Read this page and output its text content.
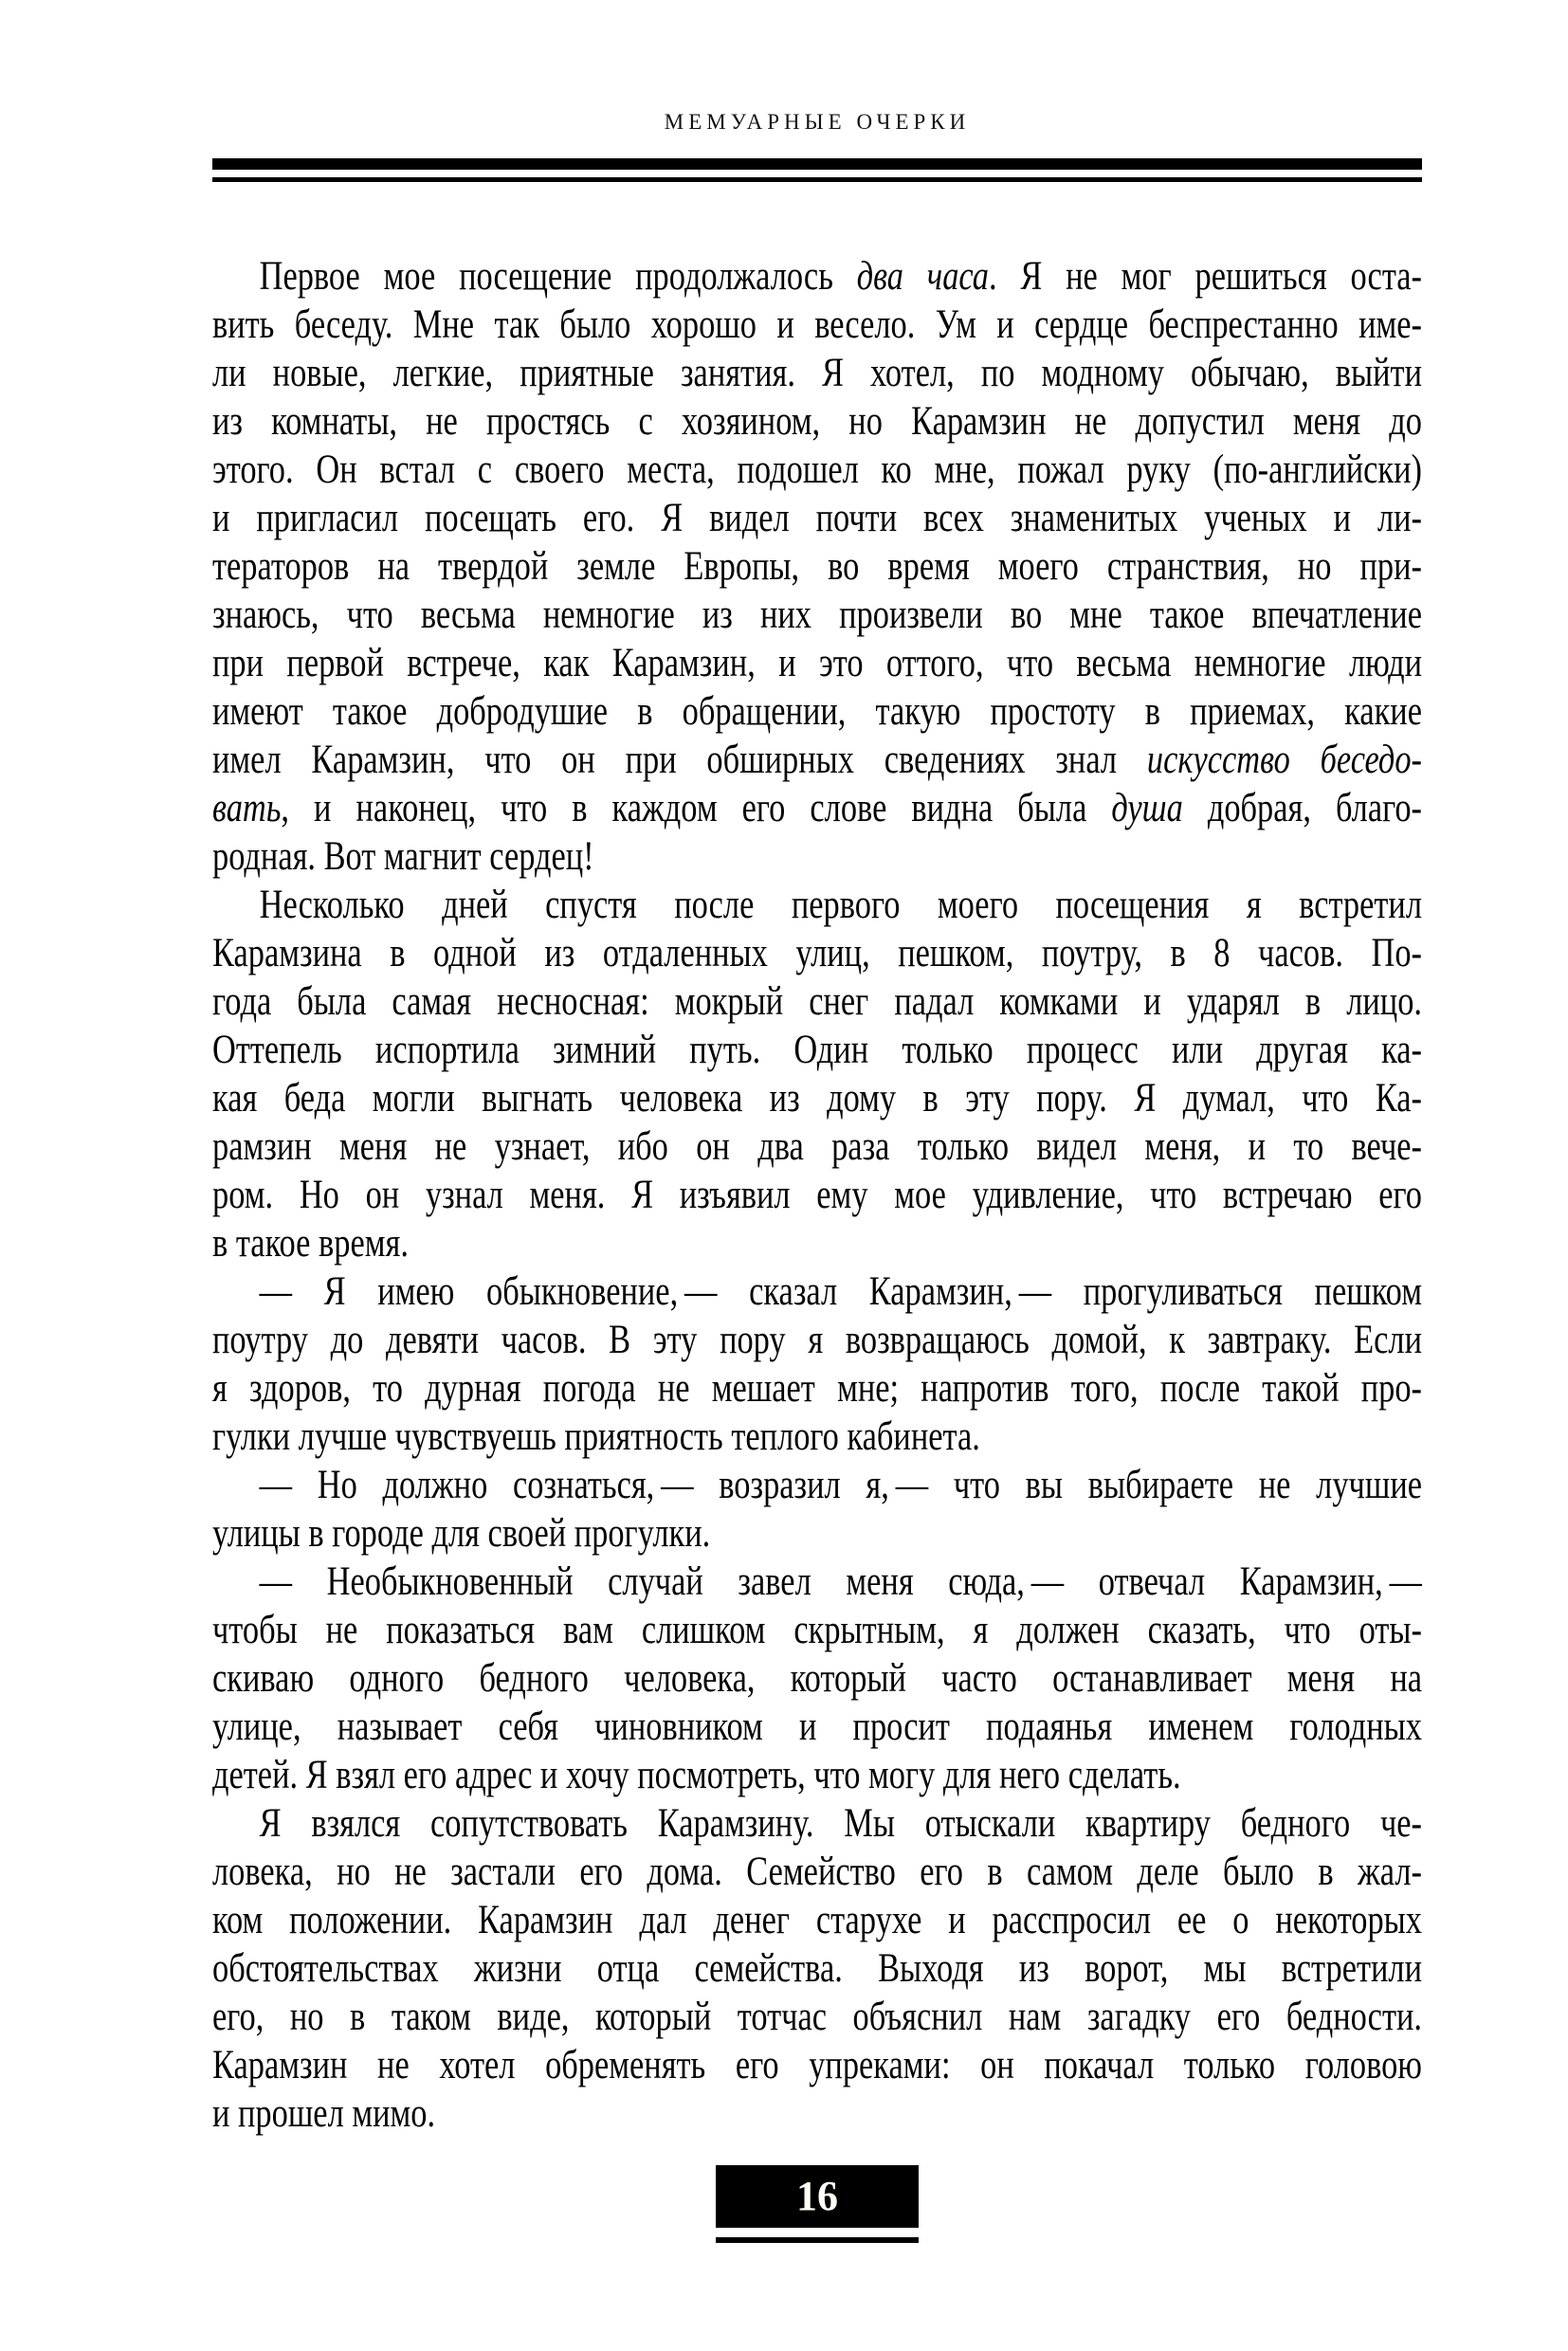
МЕМУАРНЫЕ ОЧЕРКИ
Первое мое посещение продолжалось два часа. Я не мог решиться оста-
вить беседу. Мне так было хорошо и весело. Ум и сердце беспрестанно име-
ли новые, легкие, приятные занятия. Я хотел, по модному обычаю, выйти
из комнаты, не простясь с хозяином, но Карамзин не допустил меня до
этого. Он встал с своего места, подошел ко мне, пожал руку (по-английски)
и пригласил посещать его. Я видел почти всех знаменитых ученых и ли-
тераторов на твердой земле Европы, во время моего странствия, но при-
знаюсь, что весьма немногие из них произвели во мне такое впечатление
при первой встрече, как Карамзин, и это оттого, что весьма немногие люди
имеют такое добродушие в обращении, такую простоту в приемах, какие
имел Карамзин, что он при обширных сведениях знал искусство беседо-
вать, и наконец, что в каждом его слове видна была душа добрая, благо-
родная. Вот магнит сердец!
Несколько дней спустя после первого моего посещения я встретил
Карамзина в одной из отдаленных улиц, пешком, поутру, в 8 часов. По-
года была самая несносная: мокрый снег падал комками и ударял в лицо.
Оттепель испортила зимний путь. Один только процесс или другая ка-
кая беда могли выгнать человека из дому в эту пору. Я думал, что Ка-
рамзин меня не узнает, ибо он два раза только видел меня, и то вече-
ром. Но он узнал меня. Я изъявил ему мое удивление, что встречаю его
в такое время.
— Я имею обыкновение, — сказал Карамзин, — прогуливаться пешком
поутру до девяти часов. В эту пору я возвращаюсь домой, к завтраку. Если
я здоров, то дурная погода не мешает мне; напротив того, после такой про-
гулки лучше чувствуешь приятность теплого кабинета.
— Но должно сознаться, — возразил я, — что вы выбираете не лучшие
улицы в городе для своей прогулки.
— Необыкновенный случай завел меня сюда, — отвечал Карамзин, —
чтобы не показаться вам слишком скрытным, я должен сказать, что оты-
скиваю одного бедного человека, который часто останавливает меня на
улице, называет себя чиновником и просит подаянья именем голодных
детей. Я взял его адрес и хочу посмотреть, что могу для него сделать.
Я взялся сопутствовать Карамзину. Мы отыскали квартиру бедного че-
ловека, но не застали его дома. Семейство его в самом деле было в жал-
ком положении. Карамзин дал денег старухе и расспросил ее о некоторых
обстоятельствах жизни отца семейства. Выходя из ворот, мы встретили
его, но в таком виде, который тотчас объяснил нам загадку его бедности.
Карамзин не хотел обременять его упреками: он покачал только головою
и прошел мимо.
16
